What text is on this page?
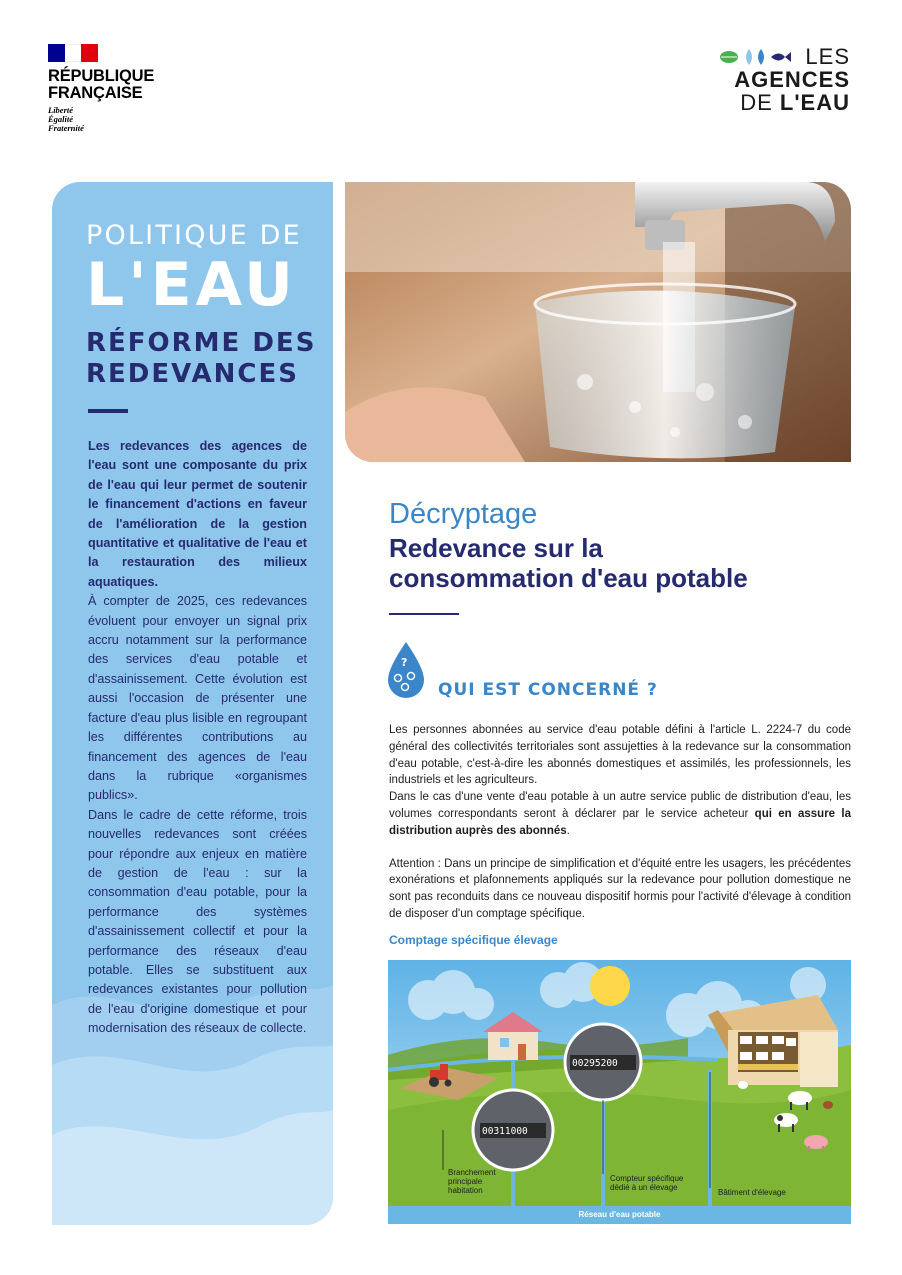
RÉPUBLIQUE
FRANÇAISE
Liberté
Égalité
Fraternité
LES
AGENCES
DE L'EAU
POLITIQUE DE
L'EAU
RÉFORME DES
REDEVANCES

Les redevances des agences de l'eau sont une composante du prix de l'eau qui leur permet de soutenir le financement d'actions en faveur de l'amélioration de la gestion quantitative et qualitative de l'eau et la restauration des milieux aquatiques.

À compter de 2025, ces redevances évoluent pour envoyer un signal prix accru notamment sur la performance des services d'eau potable et d'assainissement. Cette évolution est aussi l'occasion de présenter une facture d'eau plus lisible en regroupant les différentes contributions au financement des agences de l'eau dans la rubrique «organismes publics».

Dans le cadre de cette réforme, trois nouvelles redevances sont créées pour répondre aux enjeux en matière de gestion de l'eau : sur la consommation d'eau potable, pour la performance des systèmes d'assainissement collectif et pour la performance des réseaux d'eau potable. Elles se substituent aux redevances existantes pour pollution de l'eau d'origine domestique et pour modernisation des réseaux de collecte.

Décryptage
Redevance sur la
consommation d'eau potable
?
QUI EST CONCERNÉ ?

Les personnes abonnées au service d'eau potable défini à l'article L. 2224-7 du code général des collectivités territoriales sont assujetties à la redevance sur la consommation d'eau potable, c'est-à-dire les abonnés domestiques et assimilés, les professionnels, les industriels et les agriculteurs.

Dans le cas d'une vente d'eau potable à un autre service public de distribution d'eau, les volumes correspondants seront à déclarer par le service acheteur qui en assure la distribution auprès des abonnés.

Attention : Dans un principe de simplification et d'équité entre les usagers, les précédentes exonérations et plafonnements appliqués sur la redevance pour pollution domestique ne sont pas reconduits dans ce nouveau dispositif hormis pour l'activité d'élevage à condition de disposer d'un comptage spécifique.

Comptage spécifique élevage
00311000
00295200
Branchement principale habitation
Compteur spécifique dédié à un élevage
Bâtiment d'élevage
Réseau d'eau potable
